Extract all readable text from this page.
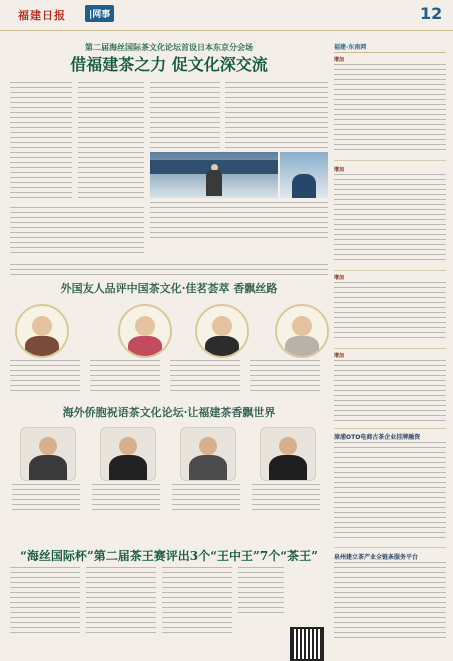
福建日报	|网事	12
第二届海丝国际茶文化论坛首设日本东京分会场
借福建茶之力 促文化深交流
外国友人品评中国茶文化·佳茗荟萃 香飘丝路
海外侨胞祝语茶文化论坛·让福建茶香飘世界
“海丝国际杯”第二届茶王赛评出3个“王中王”7个“茶王”
福建·东南网
增加
增加
增加
增加
漳浦OTO电商古茶企业挂牌融资
泉州建立茶产业全链条服务平台
